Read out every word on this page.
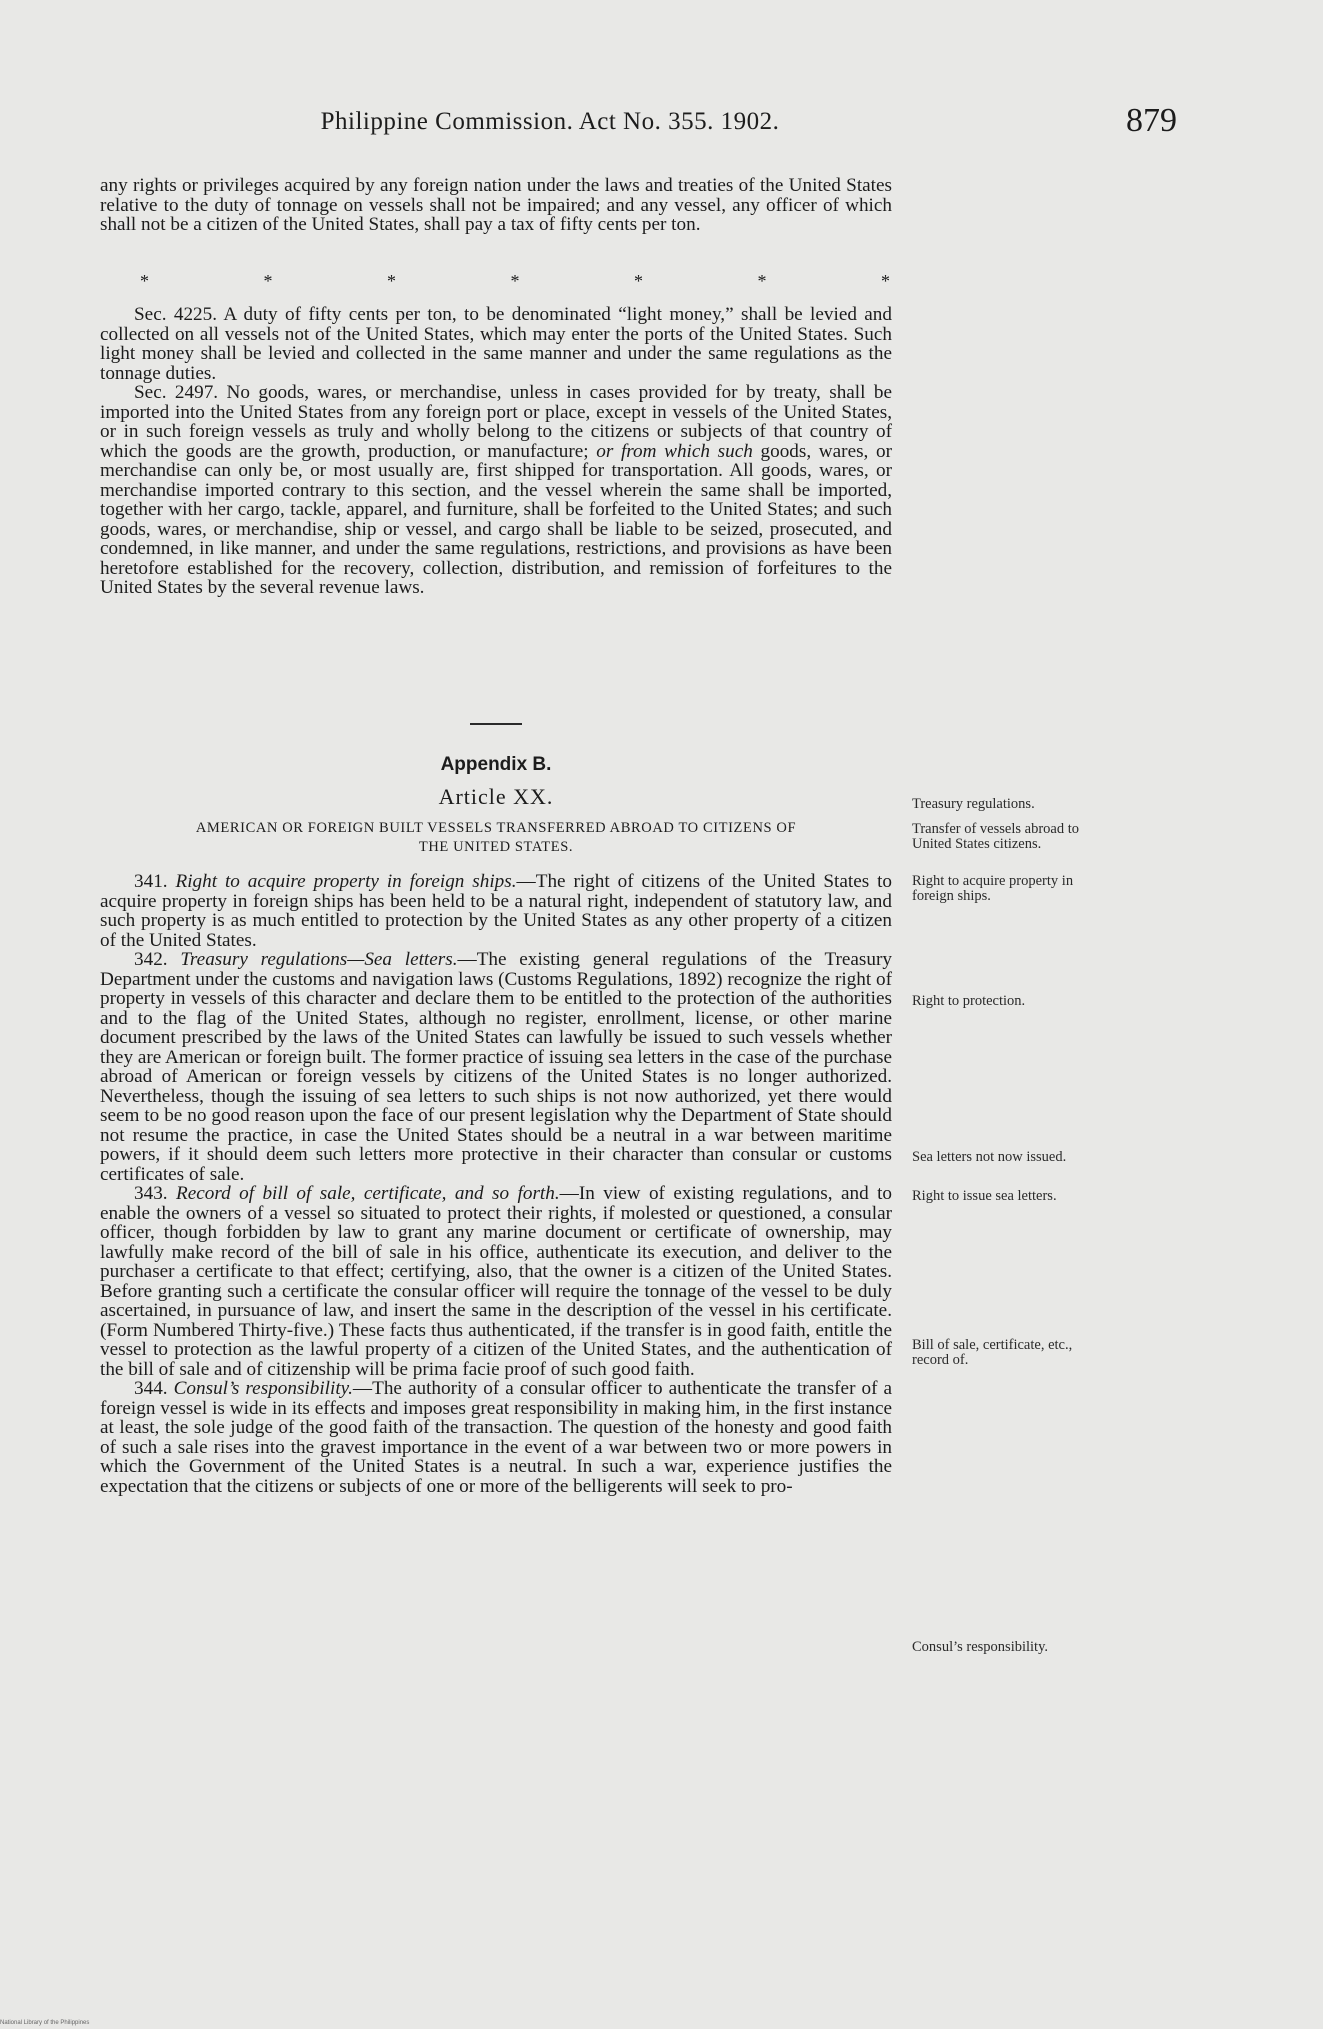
Philippine Commission. Act No. 355. 1902.	879

any rights or privileges acquired by any foreign nation under the laws and treaties of the United States relative to the duty of tonnage on vessels shall not be impaired; and any vessel, any officer of which shall not be a citizen of the United States, shall pay a tax of fifty cents per ton.

*	*	*	*	*	*	*

Sec. 4225. A duty of fifty cents per ton, to be denominated “light money,” shall be levied and collected on all vessels not of the United States, which may enter the ports of the United States. Such light money shall be levied and collected in the same manner and under the same regulations as the tonnage duties.

Sec. 2497. No goods, wares, or merchandise, unless in cases provided for by treaty, shall be imported into the United States from any foreign port or place, except in vessels of the United States, or in such foreign vessels as truly and wholly belong to the citizens or subjects of that country of which the goods are the growth, production, or manufacture; or from which such goods, wares, or merchandise can only be, or most usually are, first shipped for transportation. All goods, wares, or merchandise imported contrary to this section, and the vessel wherein the same shall be imported, together with her cargo, tackle, apparel, and furniture, shall be forfeited to the United States; and such goods, wares, or merchandise, ship or vessel, and cargo shall be liable to be seized, prosecuted, and condemned, in like manner, and under the same regulations, restrictions, and provisions as have been heretofore established for the recovery, collection, distribution, and remission of forfeitures to the United States by the several revenue laws.

Appendix B.
Article XX.
AMERICAN OR FOREIGN BUILT VESSELS TRANSFERRED ABROAD TO CITIZENS OF
THE UNITED STATES.

341. Right to acquire property in foreign ships.—The right of citizens of the United States to acquire property in foreign ships has been held to be a natural right, independent of statutory law, and such property is as much entitled to protection by the United States as any other property of a citizen of the United States.

342. Treasury regulations—Sea letters.—The existing general regulations of the Treasury Department under the customs and navigation laws (Customs Regulations, 1892) recognize the right of property in vessels of this character and declare them to be entitled to the protection of the authorities and to the flag of the United States, although no register, enrollment, license, or other marine document prescribed by the laws of the United States can lawfully be issued to such vessels whether they are American or foreign built. The former practice of issuing sea letters in the case of the purchase abroad of American or foreign vessels by citizens of the United States is no longer authorized. Nevertheless, though the issuing of sea letters to such ships is not now authorized, yet there would seem to be no good reason upon the face of our present legislation why the Department of State should not resume the practice, in case the United States should be a neutral in a war between maritime powers, if it should deem such letters more protective in their character than consular or customs certificates of sale.

343. Record of bill of sale, certificate, and so forth.—In view of existing regulations, and to enable the owners of a vessel so situated to protect their rights, if molested or questioned, a consular officer, though forbidden by law to grant any marine document or certificate of ownership, may lawfully make record of the bill of sale in his office, authenticate its execution, and deliver to the purchaser a certificate to that effect; certifying, also, that the owner is a citizen of the United States. Before granting such a certificate the consular officer will require the tonnage of the vessel to be duly ascertained, in pursuance of law, and insert the same in the description of the vessel in his certificate. (Form Numbered Thirty-five.) These facts thus authenticated, if the transfer is in good faith, entitle the vessel to protection as the lawful property of a citizen of the United States, and the authentication of the bill of sale and of citizenship will be prima facie proof of such good faith.

344. Consul’s responsibility.—The authority of a consular officer to authenticate the transfer of a foreign vessel is wide in its effects and imposes great responsibility in making him, in the first instance at least, the sole judge of the good faith of the transaction. The question of the honesty and good faith of such a sale rises into the gravest importance in the event of a war between two or more powers in which the Government of the United States is a neutral. In such a war, experience justifies the expectation that the citizens or subjects of one or more of the belligerents will seek to pro-

Treasury regulations.
Transfer of vessels abroad to United States citizens.
Right to acquire property in foreign ships.
Right to protection.
Sea letters not now issued.
Right to issue sea letters.
Bill of sale, certificate, etc., record of.
Consul’s responsibility.
National Library of the Philippines
